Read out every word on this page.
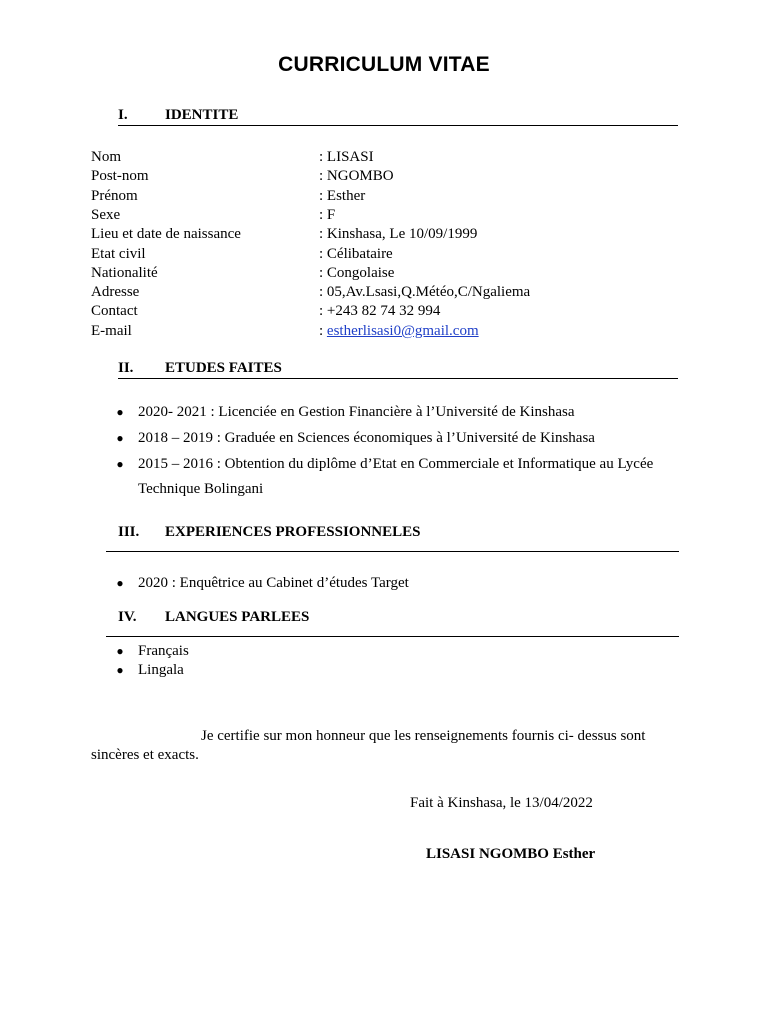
CURRICULUM VITAE
I. IDENTITE
Nom	: LISASI
Post-nom	: NGOMBO
Prénom	: Esther
Sexe	: F
Lieu et date de naissance	: Kinshasa, Le 10/09/1999
Etat civil	: Célibataire
Nationalité	: Congolaise
Adresse	: 05,Av.Lsasi,Q.Météo,C/Ngaliema
Contact	: +243 82 74 32 994
E-mail	: estherlisasi0@gmail.com
II. ETUDES FAITES
● 2020- 2021 : Licenciée en Gestion Financière à l’Université de Kinshasa
● 2018 – 2019 : Graduée en Sciences économiques à l’Université de Kinshasa
● 2015 – 2016 : Obtention du diplôme d’Etat en Commerciale et Informatique au Lycée Technique Bolingani
III. EXPERIENCES PROFESSIONNELES
● 2020 : Enquêtrice au Cabinet d’études Target
IV. LANGUES PARLEES
● Français
● Lingala
Je certifie sur mon honneur que les renseignements fournis ci- dessus sont sincères et exacts.
Fait à Kinshasa, le 13/04/2022
LISASI NGOMBO Esther
